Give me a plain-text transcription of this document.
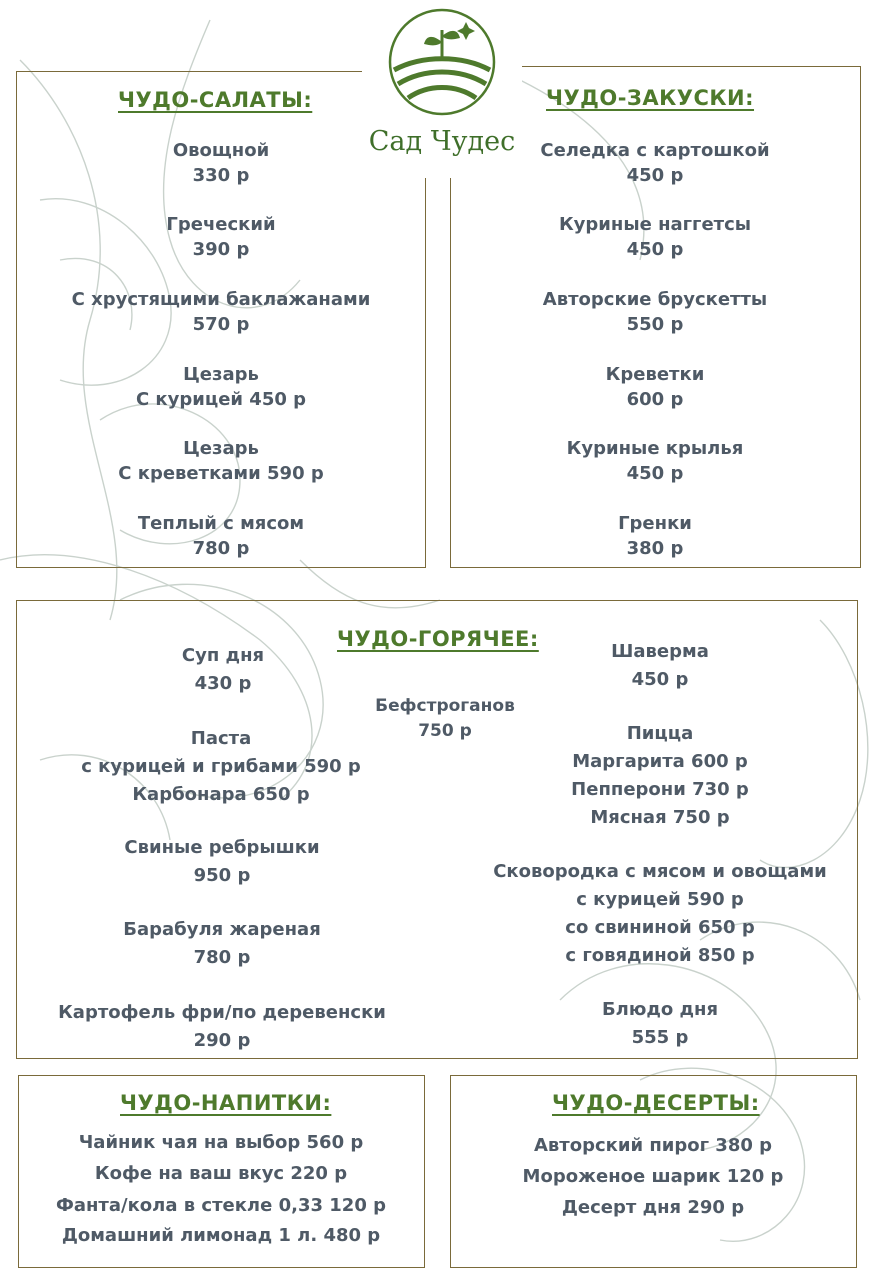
Сад Чудес
ЧУДО-САЛАТЫ:	ЧУДО-ЗАКУСКИ:
ЧУДО-ГОРЯЧЕЕ:
ЧУДО-НАПИТКИ:	ЧУДО-ДЕСЕРТЫ:
Овощной
330 р
Греческий
390 р
С хрустящими баклажанами
570 р
Цезарь
С курицей 450 р
Цезарь
С креветками 590 р
Теплый с мясом
780 р
Селедка с картошкой
450 р
Куриные наггетсы
450 р
Авторские брускетты
550 р
Креветки
600 р
Куриные крылья
450 р
Гренки
380 р
Суп дня
430 р
Паста
с курицей и грибами 590 р
Карбонара 650 р
Свиные ребрышки
950 р
Барабуля жареная
780 р
Картофель фри/по деревенски
290 р
Бефстроганов
750 р
Шаверма
450 р
Пицца
Маргарита 600 р
Пепперони 730 р
Мясная 750 р
Сковородка с мясом и овощами
с курицей 590 р
со свининой 650 р
с говядиной 850 р
Блюдо дня
555 р
Чайник чая на выбор 560 р
Кофе на ваш вкус 220 р
Фанта/кола в стекле 0,33 120 р
Домашний лимонад 1 л. 480 р
Авторский пирог 380 р
Мороженое шарик 120 р
Десерт дня 290 р
